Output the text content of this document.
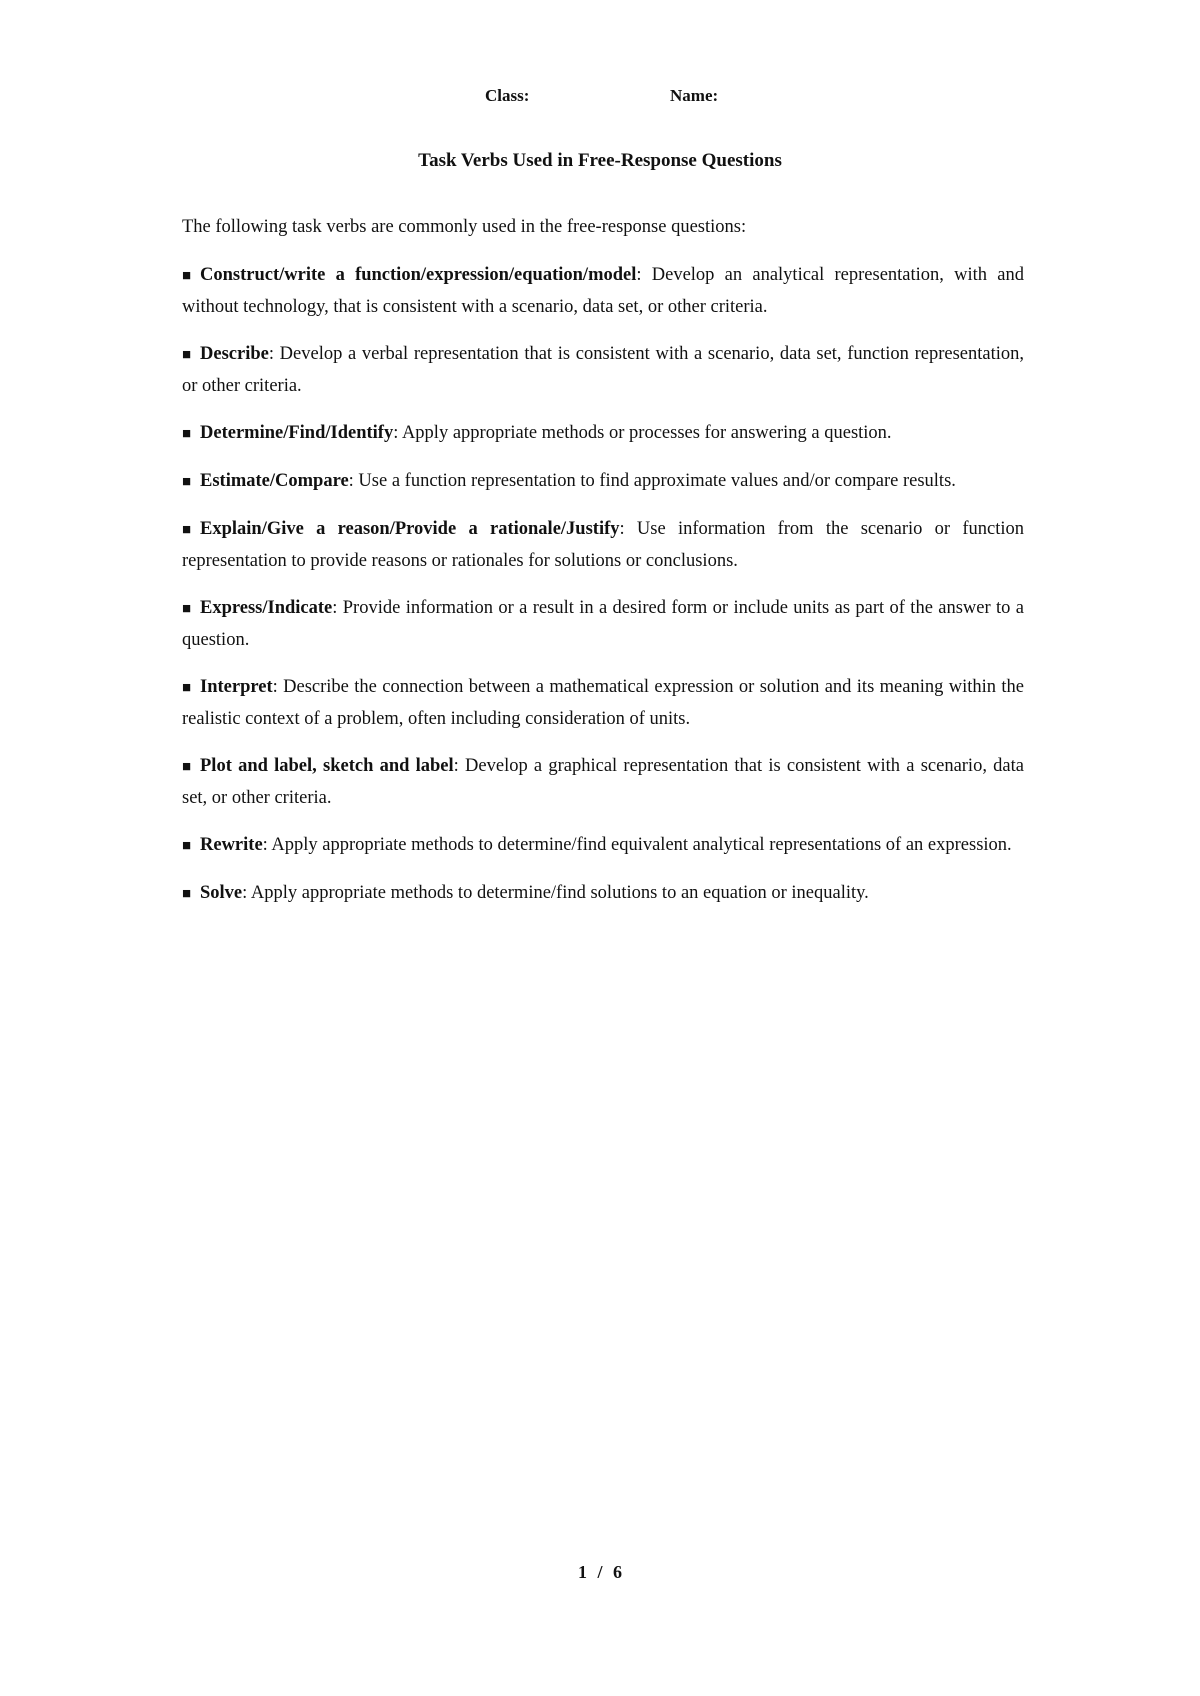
Class:	Name:
Task Verbs Used in Free-Response Questions

The following task verbs are commonly used in the free-response questions:

■ Construct/write a function/expression/equation/model: Develop an analytical representation, with and without technology, that is consistent with a scenario, data set, or other criteria.

■ Describe: Develop a verbal representation that is consistent with a scenario, data set, function representation, or other criteria.

■ Determine/Find/Identify: Apply appropriate methods or processes for answering a question.

■ Estimate/Compare: Use a function representation to find approximate values and/or compare results.

■ Explain/Give a reason/Provide a rationale/Justify: Use information from the scenario or function representation to provide reasons or rationales for solutions or conclusions.

■ Express/Indicate: Provide information or a result in a desired form or include units as part of the answer to a question.

■ Interpret: Describe the connection between a mathematical expression or solution and its meaning within the realistic context of a problem, often including consideration of units.

■ Plot and label, sketch and label: Develop a graphical representation that is consistent with a scenario, data set, or other criteria.

■ Rewrite: Apply appropriate methods to determine/find equivalent analytical representations of an expression.

■ Solve: Apply appropriate methods to determine/find solutions to an equation or inequality.

1 / 6
